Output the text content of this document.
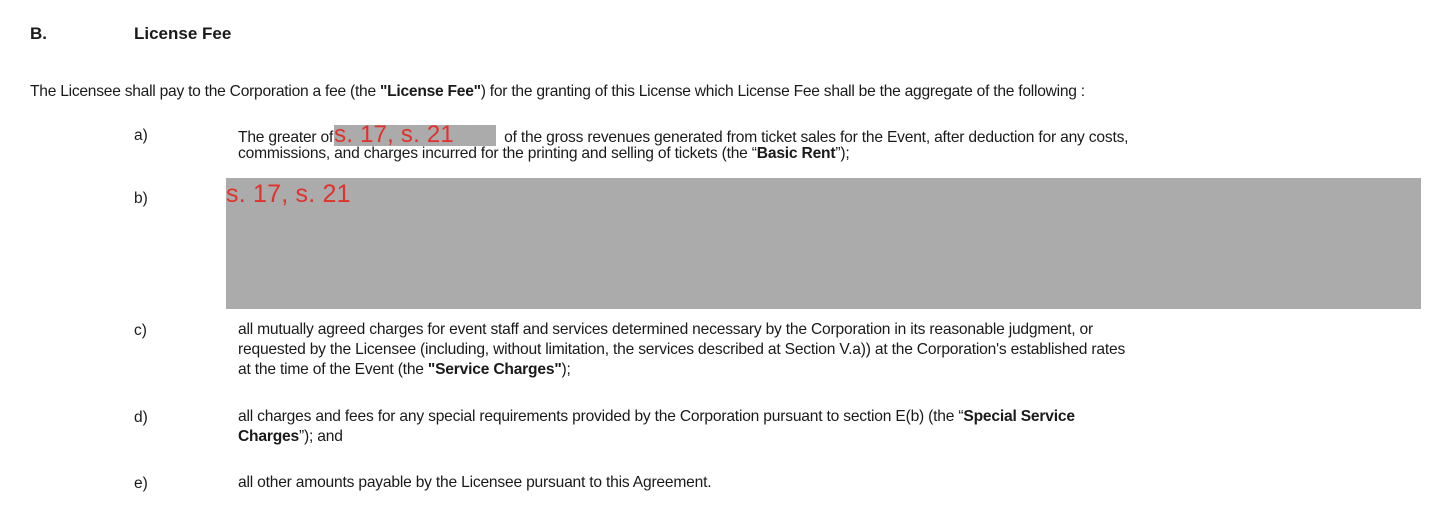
B.	License Fee
The Licensee shall pay to the Corporation a fee (the "License Fee") for the granting of this License which License Fee shall be the aggregate of the following :
a)	The greater of s. 17, s. 21	of the gross revenues generated from ticket sales for the Event, after deduction for any costs,
commissions, and charges incurred for the printing and selling of tickets (the “Basic Rent”);
b)	s. 17, s. 21
c)	all mutually agreed charges for event staff and services determined necessary by the Corporation in its reasonable judgment, or
requested by the Licensee (including, without limitation, the services described at Section V.a)) at the Corporation's established rates
at the time of the Event (the "Service Charges");
d)	all charges and fees for any special requirements provided by the Corporation pursuant to section E(b) (the “Special Service
Charges”); and
e)	all other amounts payable by the Licensee pursuant to this Agreement.
